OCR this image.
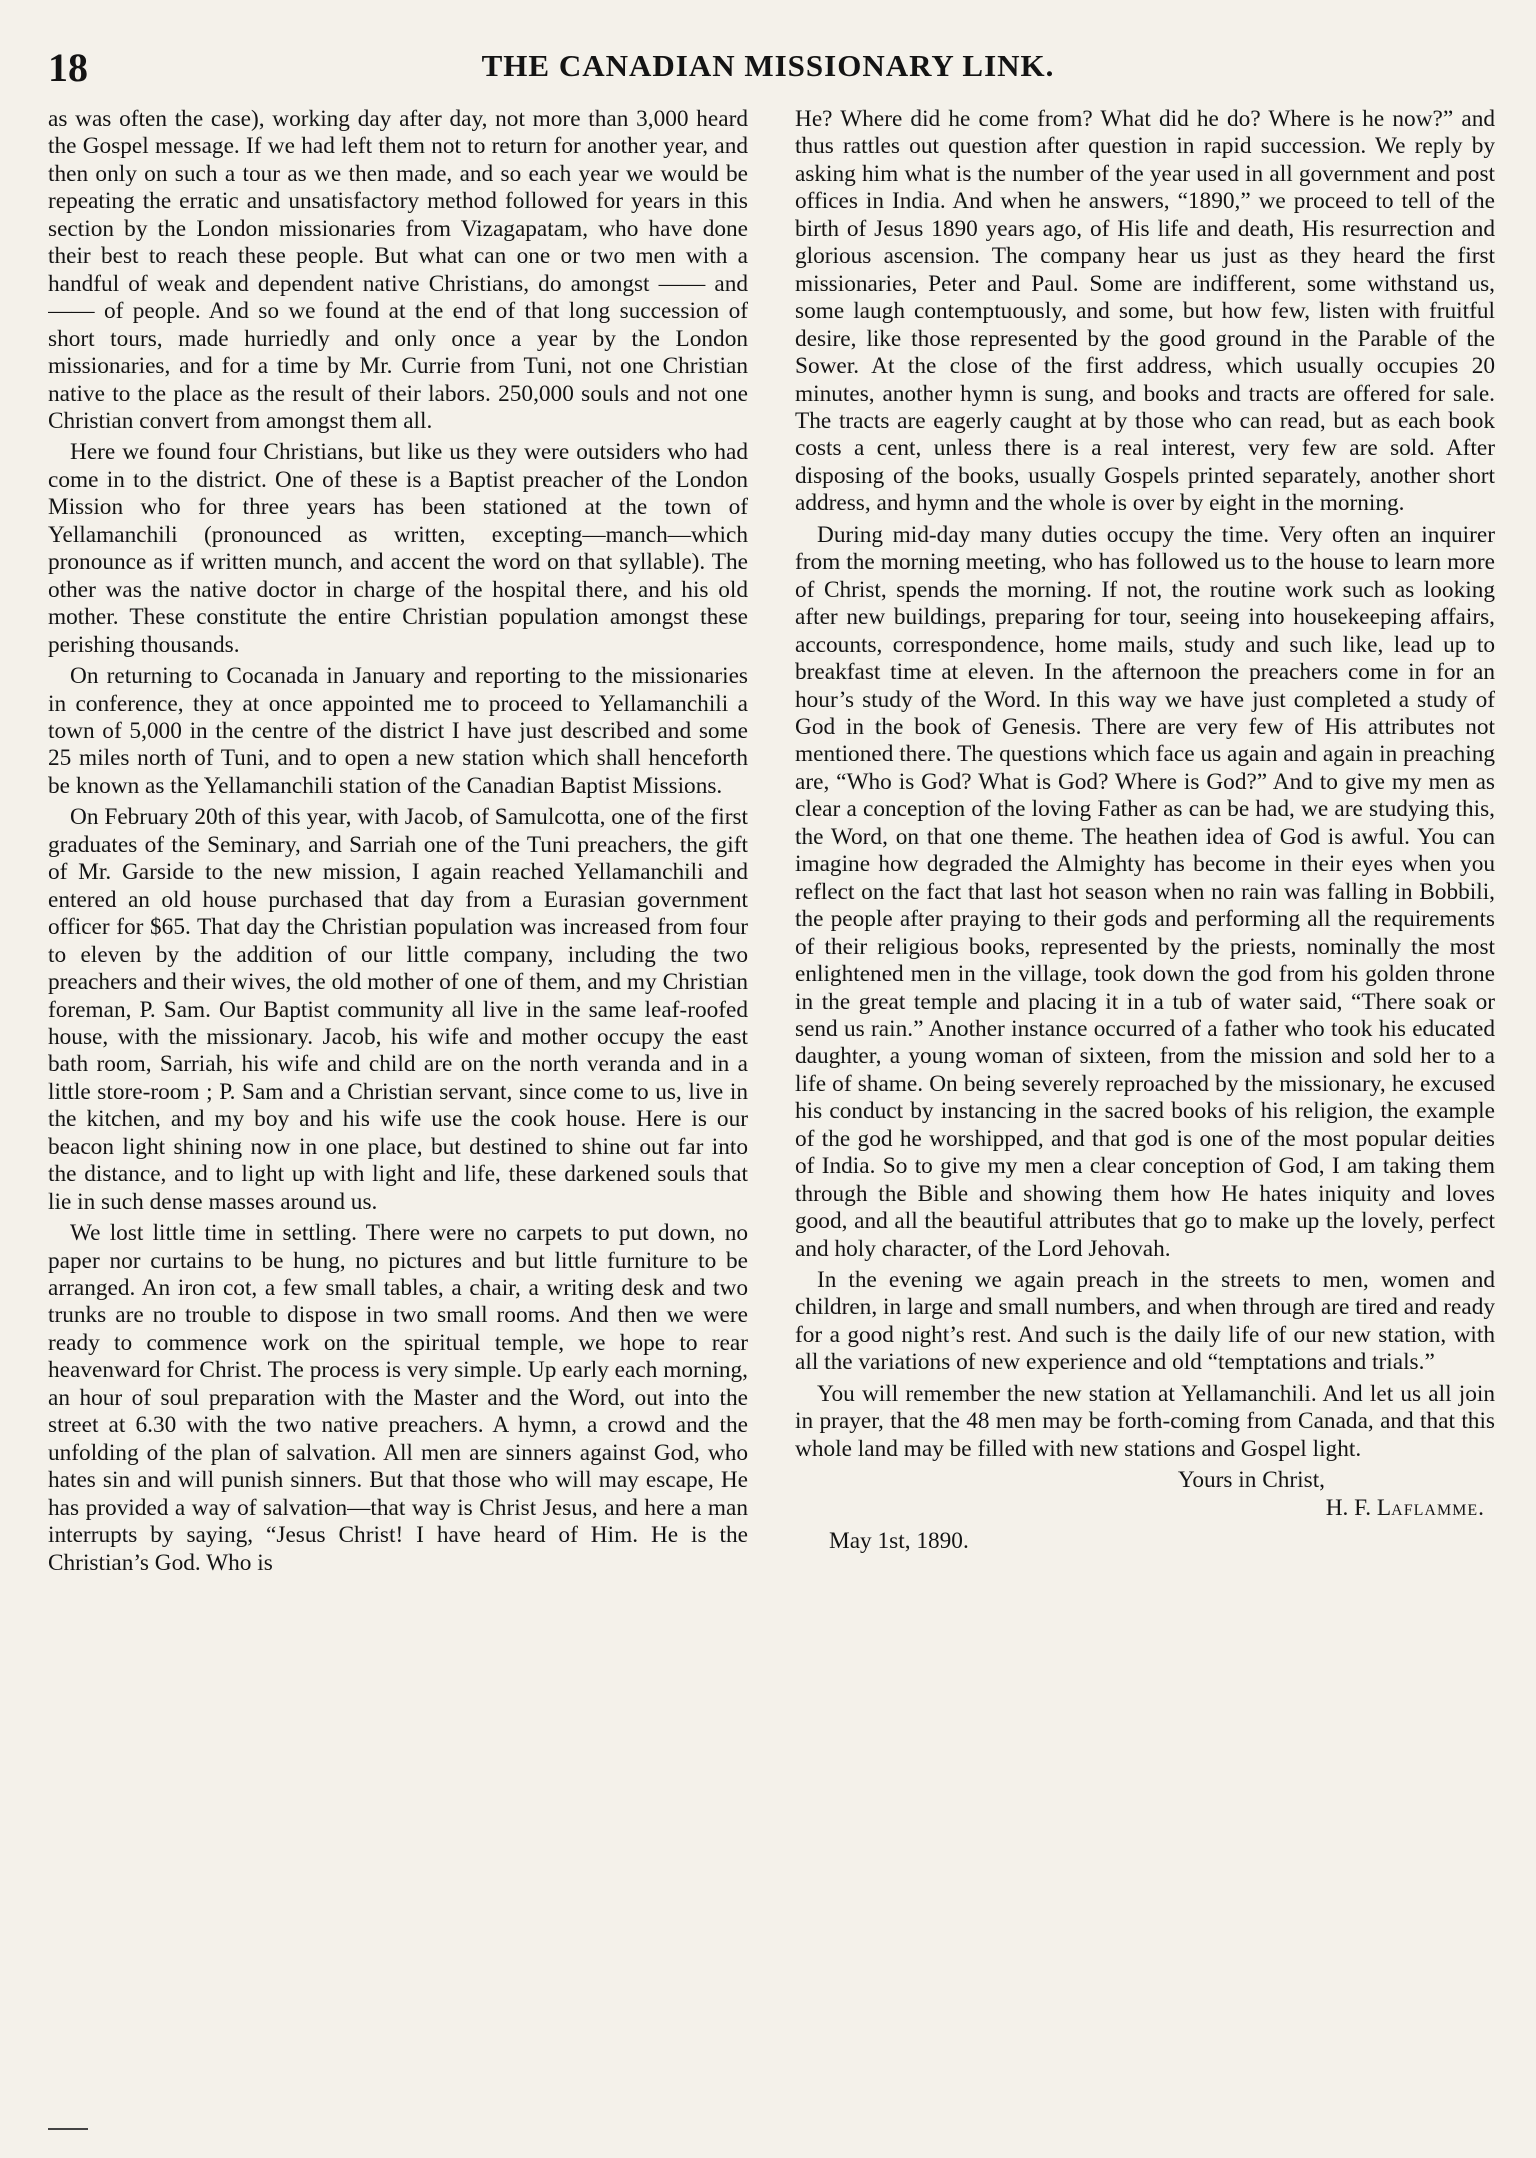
18	THE CANADIAN MISSIONARY LINK.

as was often the case), working day after day, not more than 3,000 heard the Gospel message. If we had left them not to return for another year, and then only on such a tour as we then made, and so each year we would be repeating the erratic and unsatisfactory method followed for years in this section by the London missionaries from Vizagapatam, who have done their best to reach these people. But what can one or two men with a handful of weak and dependent native Christians, do amongst —— and —— of people. And so we found at the end of that long succession of short tours, made hurriedly and only once a year by the London missionaries, and for a time by Mr. Currie from Tuni, not one Christian native to the place as the result of their labors. 250,000 souls and not one Christian convert from amongst them all.

Here we found four Christians, but like us they were outsiders who had come in to the district. One of these is a Baptist preacher of the London Mission who for three years has been stationed at the town of Yellamanchili (pronounced as written, excepting—manch—which pronounce as if written munch, and accent the word on that syllable). The other was the native doctor in charge of the hospital there, and his old mother. These constitute the entire Christian population amongst these perishing thousands.

On returning to Cocanada in January and reporting to the missionaries in conference, they at once appointed me to proceed to Yellamanchili a town of 5,000 in the centre of the district I have just described and some 25 miles north of Tuni, and to open a new station which shall henceforth be known as the Yellamanchili station of the Canadian Baptist Missions.

On February 20th of this year, with Jacob, of Samulcotta, one of the first graduates of the Seminary, and Sarriah one of the Tuni preachers, the gift of Mr. Garside to the new mission, I again reached Yellamanchili and entered an old house purchased that day from a Eurasian government officer for $65. That day the Christian population was increased from four to eleven by the addition of our little company, including the two preachers and their wives, the old mother of one of them, and my Christian foreman, P. Sam. Our Baptist community all live in the same leaf-roofed house, with the missionary. Jacob, his wife and mother occupy the east bath room, Sarriah, his wife and child are on the north veranda and in a little store-room ; P. Sam and a Christian servant, since come to us, live in the kitchen, and my boy and his wife use the cook house. Here is our beacon light shining now in one place, but destined to shine out far into the distance, and to light up with light and life, these darkened souls that lie in such dense masses around us.

We lost little time in settling. There were no carpets to put down, no paper nor curtains to be hung, no pictures and but little furniture to be arranged. An iron cot, a few small tables, a chair, a writing desk and two trunks are no trouble to dispose in two small rooms. And then we were ready to commence work on the spiritual temple, we hope to rear heavenward for Christ. The process is very simple. Up early each morning, an hour of soul preparation with the Master and the Word, out into the street at 6.30 with the two native preachers. A hymn, a crowd and the unfolding of the plan of salvation. All men are sinners against God, who hates sin and will punish sinners. But that those who will may escape, He has provided a way of salvation—that way is Christ Jesus, and here a man interrupts by saying, “Jesus Christ! I have heard of Him. He is the Christian’s God. Who is

He? Where did he come from? What did he do? Where is he now?” and thus rattles out question after question in rapid succession. We reply by asking him what is the number of the year used in all government and post offices in India. And when he answers, “1890,” we proceed to tell of the birth of Jesus 1890 years ago, of His life and death, His resurrection and glorious ascension. The company hear us just as they heard the first missionaries, Peter and Paul. Some are indifferent, some withstand us, some laugh contemptuously, and some, but how few, listen with fruitful desire, like those represented by the good ground in the Parable of the Sower. At the close of the first address, which usually occupies 20 minutes, another hymn is sung, and books and tracts are offered for sale. The tracts are eagerly caught at by those who can read, but as each book costs a cent, unless there is a real interest, very few are sold. After disposing of the books, usually Gospels printed separately, another short address, and hymn and the whole is over by eight in the morning.

During mid-day many duties occupy the time. Very often an inquirer from the morning meeting, who has followed us to the house to learn more of Christ, spends the morning. If not, the routine work such as looking after new buildings, preparing for tour, seeing into housekeeping affairs, accounts, correspondence, home mails, study and such like, lead up to breakfast time at eleven. In the afternoon the preachers come in for an hour’s study of the Word. In this way we have just completed a study of God in the book of Genesis. There are very few of His attributes not mentioned there. The questions which face us again and again in preaching are, “Who is God? What is God? Where is God?” And to give my men as clear a conception of the loving Father as can be had, we are studying this, the Word, on that one theme. The heathen idea of God is awful. You can imagine how degraded the Almighty has become in their eyes when you reflect on the fact that last hot season when no rain was falling in Bobbili, the people after praying to their gods and performing all the requirements of their religious books, represented by the priests, nominally the most enlightened men in the village, took down the god from his golden throne in the great temple and placing it in a tub of water said, “There soak or send us rain.” Another instance occurred of a father who took his educated daughter, a young woman of sixteen, from the mission and sold her to a life of shame. On being severely reproached by the missionary, he excused his conduct by instancing in the sacred books of his religion, the example of the god he worshipped, and that god is one of the most popular deities of India. So to give my men a clear conception of God, I am taking them through the Bible and showing them how He hates iniquity and loves good, and all the beautiful attributes that go to make up the lovely, perfect and holy character, of the Lord Jehovah.

In the evening we again preach in the streets to men, women and children, in large and small numbers, and when through are tired and ready for a good night’s rest. And such is the daily life of our new station, with all the variations of new experience and old “temptations and trials.”

You will remember the new station at Yellamanchili. And let us all join in prayer, that the 48 men may be forth-coming from Canada, and that this whole land may be filled with new stations and Gospel light.

Yours in Christ,
H. F. Laflamme.
May 1st, 1890.
